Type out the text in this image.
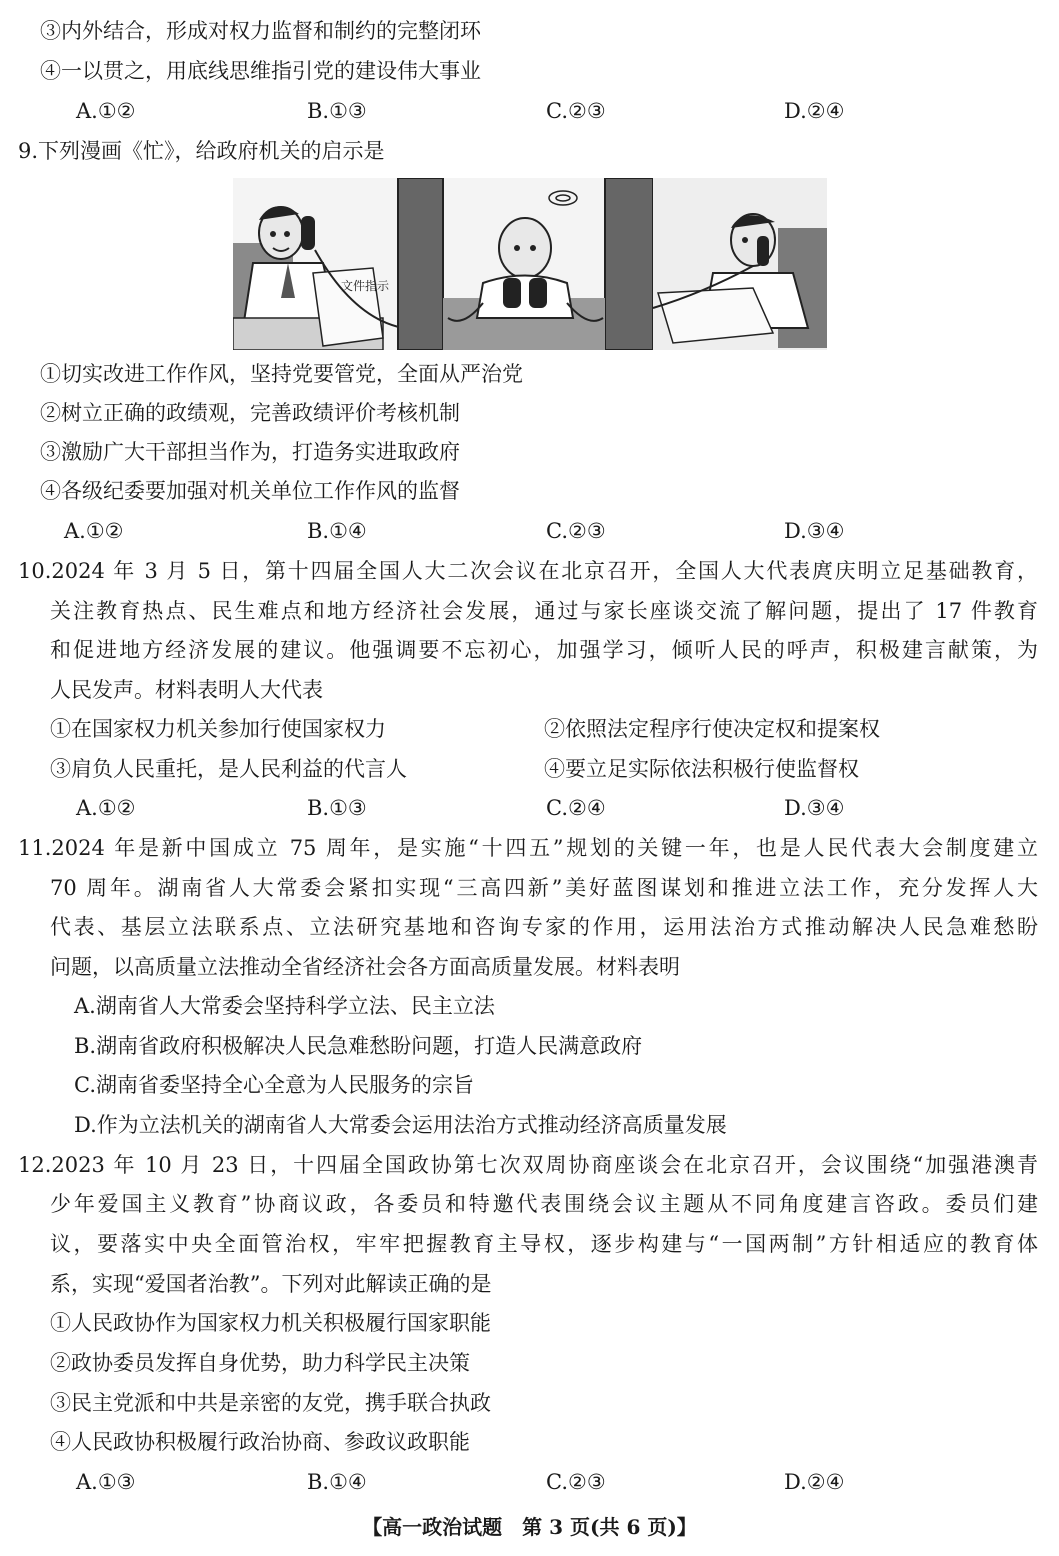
③内外结合，形成对权力监督和制约的完整闭环
④一以贯之，用底线思维指引党的建设伟大事业
A.①②	B.①③	C.②③	D.②④
9.下列漫画《忙》，给政府机关的启示是
文件指示
①切实改进工作作风，坚持党要管党，全面从严治党
②树立正确的政绩观，完善政绩评价考核机制
③激励广大干部担当作为，打造务实进取政府
④各级纪委要加强对机关单位工作作风的监督
A.①②	B.①④	C.②③	D.③④
10.2024 年 3 月 5 日，第十四届全国人大二次会议在北京召开，全国人大代表庹庆明立足基础教育，
关注教育热点、民生难点和地方经济社会发展，通过与家长座谈交流了解问题，提出了 17 件教育
和促进地方经济发展的建议。他强调要不忘初心，加强学习，倾听人民的呼声，积极建言献策，为
人民发声。材料表明人大代表
①在国家权力机关参加行使国家权力	②依照法定程序行使决定权和提案权
③肩负人民重托，是人民利益的代言人	④要立足实际依法积极行使监督权
A.①②	B.①③	C.②④	D.③④
11.2024 年是新中国成立 75 周年，是实施“十四五”规划的关键一年，也是人民代表大会制度建立
70 周年。湖南省人大常委会紧扣实现“三高四新”美好蓝图谋划和推进立法工作，充分发挥人大
代表、基层立法联系点、立法研究基地和咨询专家的作用，运用法治方式推动解决人民急难愁盼
问题，以高质量立法推动全省经济社会各方面高质量发展。材料表明
A.湖南省人大常委会坚持科学立法、民主立法
B.湖南省政府积极解决人民急难愁盼问题，打造人民满意政府
C.湖南省委坚持全心全意为人民服务的宗旨
D.作为立法机关的湖南省人大常委会运用法治方式推动经济高质量发展
12.2023 年 10 月 23 日，十四届全国政协第七次双周协商座谈会在北京召开，会议围绕“加强港澳青
少年爱国主义教育”协商议政，各委员和特邀代表围绕会议主题从不同角度建言咨政。委员们建
议，要落实中央全面管治权，牢牢把握教育主导权，逐步构建与“一国两制”方针相适应的教育体
系，实现“爱国者治教”。下列对此解读正确的是
①人民政协作为国家权力机关积极履行国家职能
②政协委员发挥自身优势，助力科学民主决策
③民主党派和中共是亲密的友党，携手联合执政
④人民政协积极履行政治协商、参政议政职能
A.①③	B.①④	C.②③	D.②④
【高一政治试题　第 3 页(共 6 页)】
